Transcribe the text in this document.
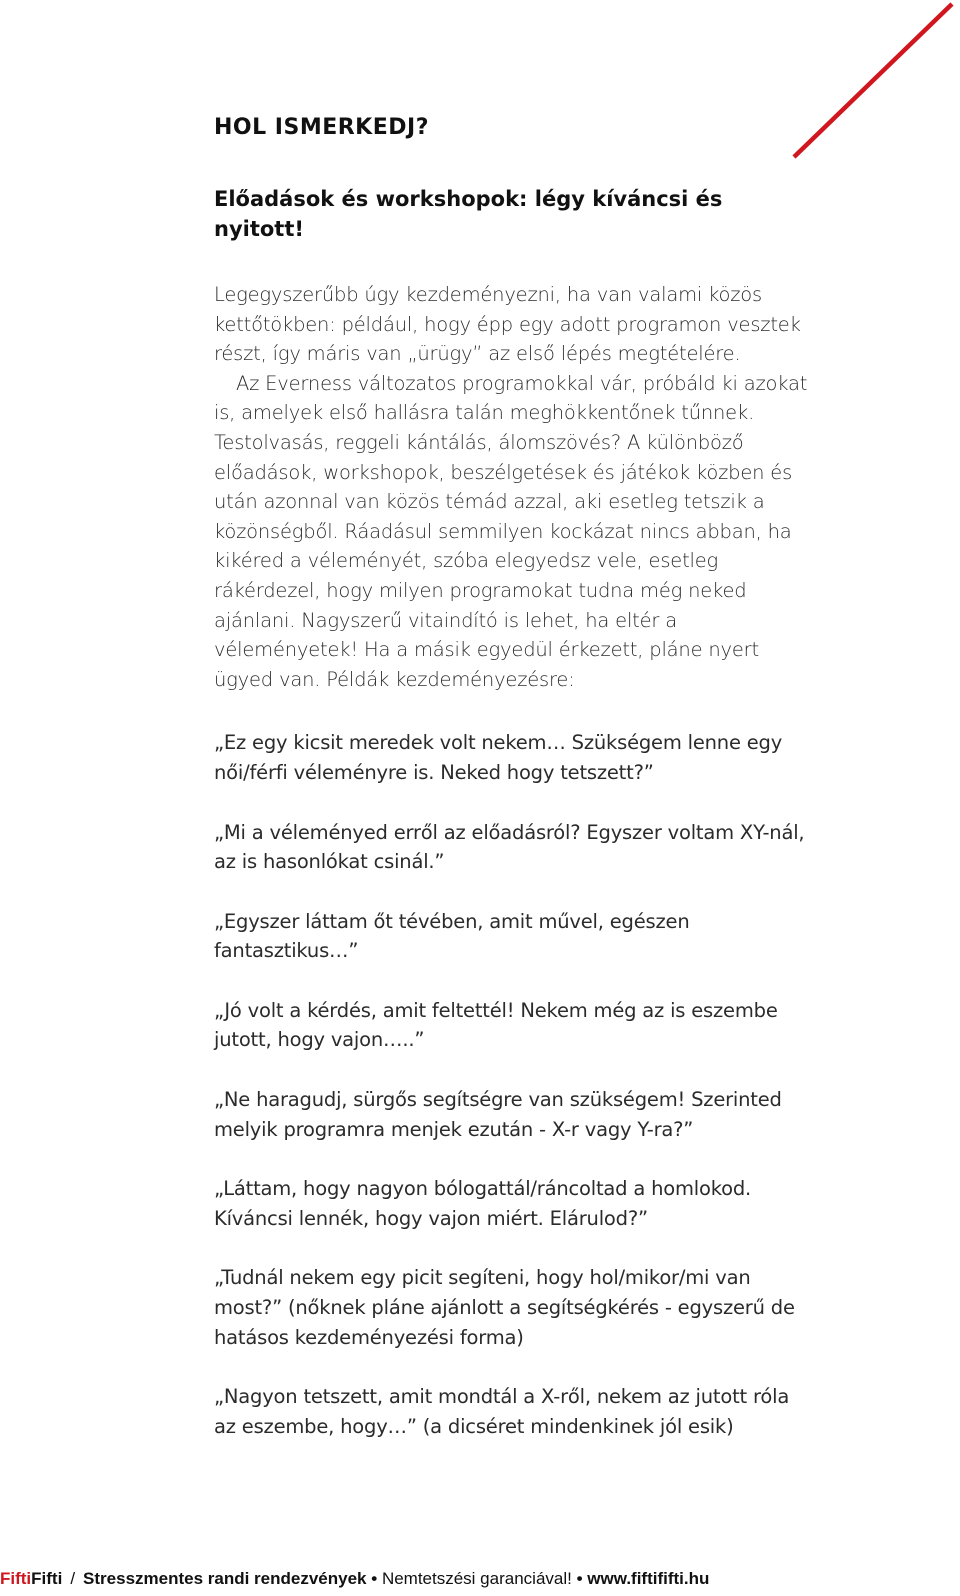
HOL ISMERKEDJ?
Előadások és workshopok: légy kíváncsi és nyitott!

Legegyszerűbb úgy kezdeményezni, ha van valami közös kettőtökben: például, hogy épp egy adott programon vesztek részt, így máris van „ürügy” az első lépés megtételére.

Az Everness változatos programokkal vár, próbáld ki azokat is, amelyek első hallásra talán meghökkentőnek tűnnek. Testolvasás, reggeli kántálás, álomszövés? A különböző előadások, workshopok, beszélgetések és játékok közben és után azonnal van közös témád azzal, aki esetleg tetszik a közönségből. Ráadásul semmilyen kockázat nincs abban, ha kikéred a véleményét, szóba elegyedsz vele, esetleg rákérdezel, hogy milyen programokat tudna még neked ajánlani. Nagyszerű vitaindító is lehet, ha eltér a véleményetek! Ha a másik egyedül érkezett, pláne nyert ügyed van. Példák kezdeményezésre:

„Ez egy kicsit meredek volt nekem… Szükségem lenne egy női/férfi véleményre is. Neked hogy tetszett?”

„Mi a véleményed erről az előadásról? Egyszer voltam XY-nál, az is hasonlókat csinál.”

„Egyszer láttam őt tévében, amit művel, egészen fantasztikus…”

„Jó volt a kérdés, amit feltettél! Nekem még az is eszembe jutott, hogy vajon…..”

„Ne haragudj, sürgős segítségre van szükségem! Szerinted melyik programra menjek ezután - X-r vagy Y-ra?”

„Láttam, hogy nagyon bólogattál/ráncoltad a homlokod. Kíváncsi lennék, hogy vajon miért. Elárulod?”

„Tudnál nekem egy picit segíteni, hogy hol/mikor/mi van most?” (nőknek pláne ajánlott a segítségkérés - egyszerű de hatásos kezdeményezési forma)

„Nagyon tetszett, amit mondtál a X-ről, nekem az jutott róla az eszembe, hogy…” (a dicséret mindenkinek jól esik)

FiftiFifti / Stresszmentes randi rendezvények • Nemtetszési garanciával! • www.fiftififti.hu
